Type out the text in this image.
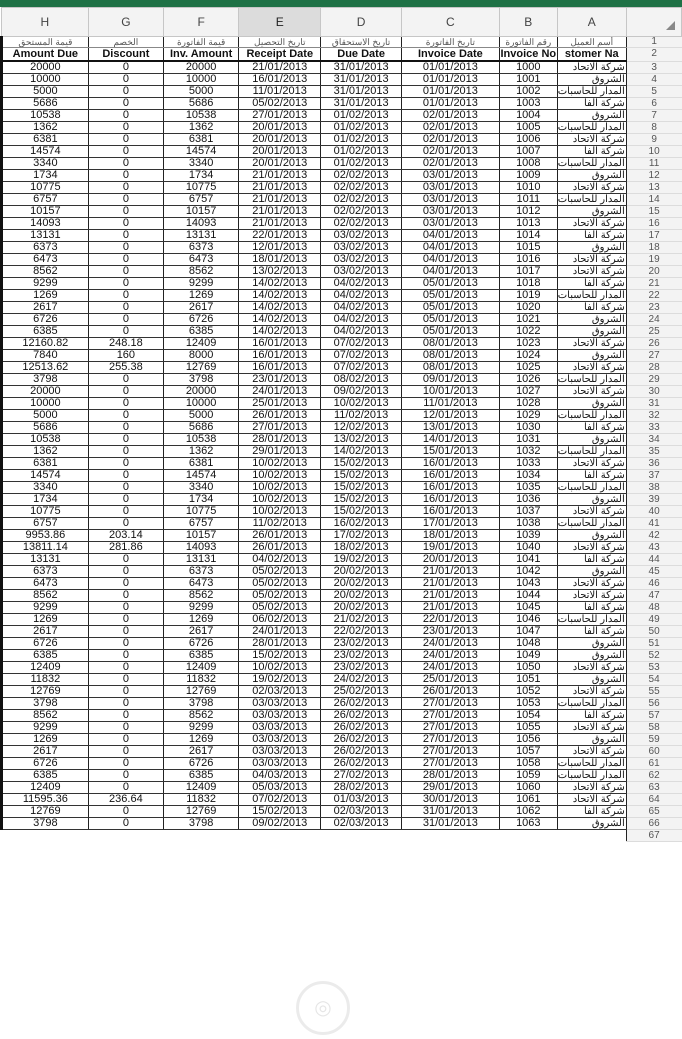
H	G	F	E	D	C	B	A	

قيمة المستحق	الخصم	قيمة الفاتورة	تاريخ التحصيل	تاريخ الاستحقاق	تاريخ الفاتورة	رقم الفاتورة	أسم العميل	1
Amount Due	Discount	Inv. Amount	Receipt Date	Due Date	Invoice Date	Invoice No	stomer Na	2
20000	0	20000	21/01/2013	31/01/2013	01/01/2013	1000	شركة الاتحاد	3
10000	0	10000	16/01/2013	31/01/2013	01/01/2013	1001	الشروق	4
5000	0	5000	11/01/2013	31/01/2013	01/01/2013	1002	المدار للحاسبات	5
5686	0	5686	05/02/2013	31/01/2013	01/01/2013	1003	شركة الفا	6
10538	0	10538	27/01/2013	01/02/2013	02/01/2013	1004	الشروق	7
1362	0	1362	20/01/2013	01/02/2013	02/01/2013	1005	المدار للحاسبات	8
6381	0	6381	20/01/2013	01/02/2013	02/01/2013	1006	شركة الاتحاد	9
14574	0	14574	20/01/2013	01/02/2013	02/01/2013	1007	شركة الفا	10
3340	0	3340	20/01/2013	01/02/2013	02/01/2013	1008	المدار للحاسبات	11
1734	0	1734	21/01/2013	02/02/2013	03/01/2013	1009	الشروق	12
10775	0	10775	21/01/2013	02/02/2013	03/01/2013	1010	شركة الاتحاد	13
6757	0	6757	21/01/2013	02/02/2013	03/01/2013	1011	المدار للحاسبات	14
10157	0	10157	21/01/2013	02/02/2013	03/01/2013	1012	الشروق	15
14093	0	14093	21/01/2013	02/02/2013	03/01/2013	1013	شركة الاتحاد	16
13131	0	13131	22/01/2013	03/02/2013	04/01/2013	1014	شركة الفا	17
6373	0	6373	12/01/2013	03/02/2013	04/01/2013	1015	الشروق	18
6473	0	6473	18/01/2013	03/02/2013	04/01/2013	1016	شركة الاتحاد	19
8562	0	8562	13/02/2013	03/02/2013	04/01/2013	1017	شركة الاتحاد	20
9299	0	9299	14/02/2013	04/02/2013	05/01/2013	1018	شركة الفا	21
1269	0	1269	14/02/2013	04/02/2013	05/01/2013	1019	المدار للحاسبات	22
2617	0	2617	14/02/2013	04/02/2013	05/01/2013	1020	شركة الفا	23
6726	0	6726	14/02/2013	04/02/2013	05/01/2013	1021	الشروق	24
6385	0	6385	14/02/2013	04/02/2013	05/01/2013	1022	الشروق	25
12160.82	248.18	12409	16/01/2013	07/02/2013	08/01/2013	1023	شركة الاتحاد	26
7840	160	8000	16/01/2013	07/02/2013	08/01/2013	1024	الشروق	27
12513.62	255.38	12769	16/01/2013	07/02/2013	08/01/2013	1025	شركة الاتحاد	28
3798	0	3798	23/01/2013	08/02/2013	09/01/2013	1026	المدار للحاسبات	29
20000	0	20000	24/01/2013	09/02/2013	10/01/2013	1027	شركة الاتحاد	30
10000	0	10000	25/01/2013	10/02/2013	11/01/2013	1028	الشروق	31
5000	0	5000	26/01/2013	11/02/2013	12/01/2013	1029	المدار للحاسبات	32
5686	0	5686	27/01/2013	12/02/2013	13/01/2013	1030	شركة الفا	33
10538	0	10538	28/01/2013	13/02/2013	14/01/2013	1031	الشروق	34
1362	0	1362	29/01/2013	14/02/2013	15/01/2013	1032	المدار للحاسبات	35
6381	0	6381	10/02/2013	15/02/2013	16/01/2013	1033	شركة الاتحاد	36
14574	0	14574	10/02/2013	15/02/2013	16/01/2013	1034	شركة الفا	37
3340	0	3340	10/02/2013	15/02/2013	16/01/2013	1035	المدار للحاسبات	38
1734	0	1734	10/02/2013	15/02/2013	16/01/2013	1036	الشروق	39
10775	0	10775	10/02/2013	15/02/2013	16/01/2013	1037	شركة الاتحاد	40
6757	0	6757	11/02/2013	16/02/2013	17/01/2013	1038	المدار للحاسبات	41
9953.86	203.14	10157	26/01/2013	17/02/2013	18/01/2013	1039	الشروق	42
13811.14	281.86	14093	26/01/2013	18/02/2013	19/01/2013	1040	شركة الاتحاد	43
13131	0	13131	04/02/2013	19/02/2013	20/01/2013	1041	شركة الفا	44
6373	0	6373	05/02/2013	20/02/2013	21/01/2013	1042	الشروق	45
6473	0	6473	05/02/2013	20/02/2013	21/01/2013	1043	شركة الاتحاد	46
8562	0	8562	05/02/2013	20/02/2013	21/01/2013	1044	شركة الاتحاد	47
9299	0	9299	05/02/2013	20/02/2013	21/01/2013	1045	شركة الفا	48
1269	0	1269	06/02/2013	21/02/2013	22/01/2013	1046	المدار للحاسبات	49
2617	0	2617	24/01/2013	22/02/2013	23/01/2013	1047	شركة الفا	50
6726	0	6726	28/01/2013	23/02/2013	24/01/2013	1048	الشروق	51
6385	0	6385	15/02/2013	23/02/2013	24/01/2013	1049	الشروق	52
12409	0	12409	10/02/2013	23/02/2013	24/01/2013	1050	شركة الاتحاد	53
11832	0	11832	19/02/2013	24/02/2013	25/01/2013	1051	الشروق	54
12769	0	12769	02/03/2013	25/02/2013	26/01/2013	1052	شركة الاتحاد	55
3798	0	3798	03/03/2013	26/02/2013	27/01/2013	1053	المدار للحاسبات	56
8562	0	8562	03/03/2013	26/02/2013	27/01/2013	1054	شركة الفا	57
9299	0	9299	03/03/2013	26/02/2013	27/01/2013	1055	شركة الاتحاد	58
1269	0	1269	03/03/2013	26/02/2013	27/01/2013	1056	الشروق	59
2617	0	2617	03/03/2013	26/02/2013	27/01/2013	1057	شركة الاتحاد	60
6726	0	6726	03/03/2013	26/02/2013	27/01/2013	1058	المدار للحاسبات	61
6385	0	6385	04/03/2013	27/02/2013	28/01/2013	1059	المدار للحاسبات	62
12409	0	12409	05/03/2013	28/02/2013	29/01/2013	1060	شركة الاتحاد	63
11595.36	236.64	11832	07/02/2013	01/03/2013	30/01/2013	1061	شركة الاتحاد	64
12769	0	12769	15/02/2013	02/03/2013	31/01/2013	1062	شركة الفا	65
3798	0	3798	09/02/2013	02/03/2013	31/01/2013	1063	الشروق	66
								67
◎
